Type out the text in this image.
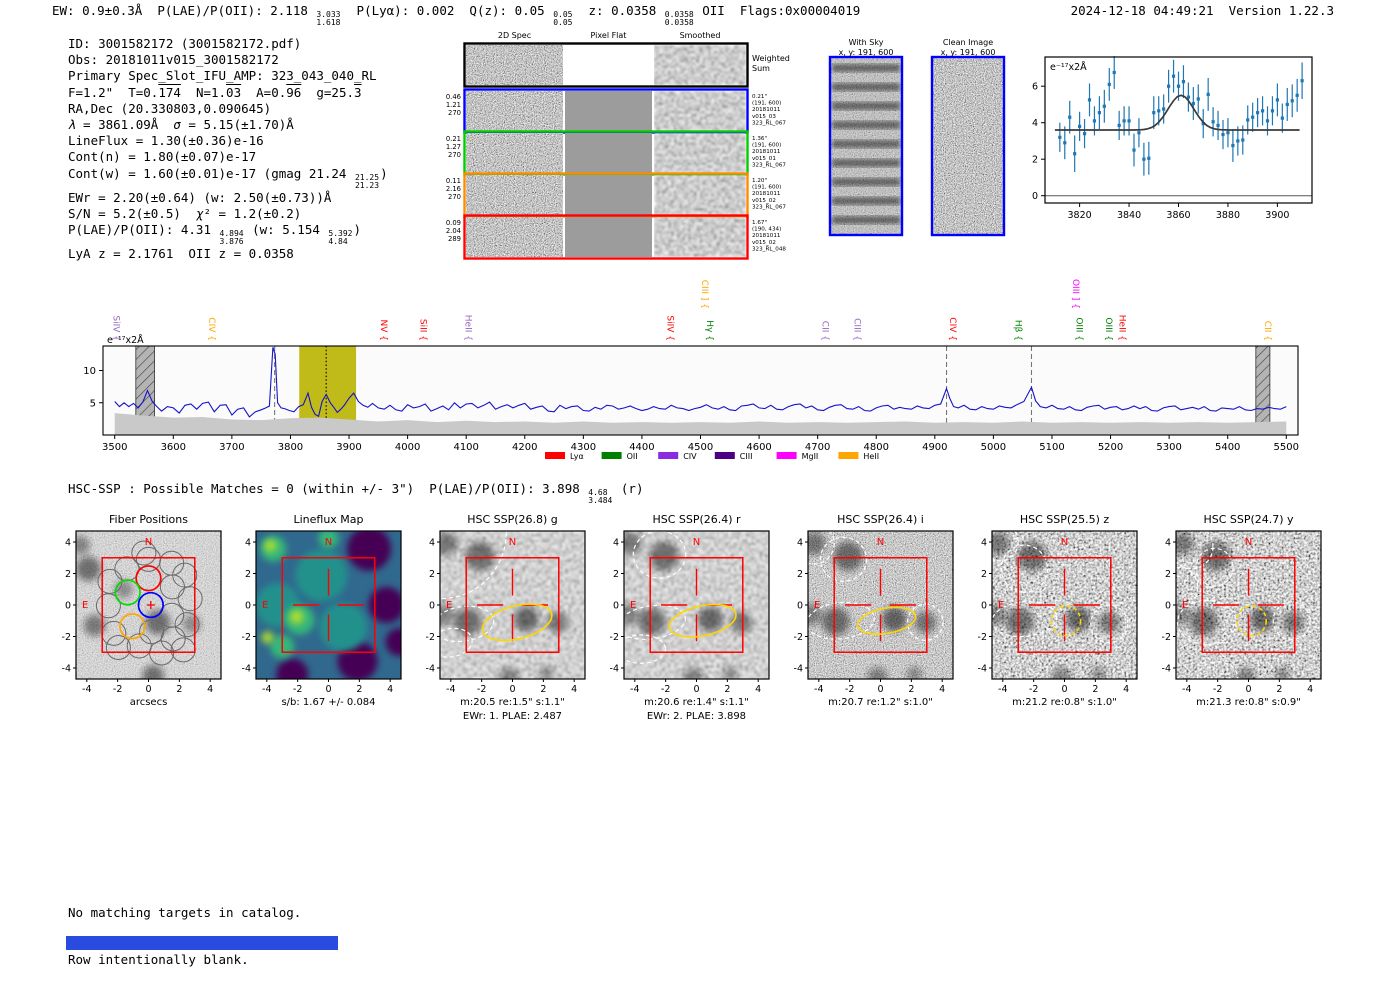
Weighted
Sum
0.46
1.21
270
0.21"
(191, 600)
20181011
v015_03
323_RL_067
0.21
1.27
270
1.36"
(191, 600)
20181011
v015_01
323_RL_067
0.11
2.16
270
1.20"
(191, 600)
20181011
v015_02
323_RL_067
0.09
2.04
289
1.67"
(190, 434)
20181011
v015_02
323_RL_048
3820	3840	3860	3880	3900
0
2
4
6
e⁻¹⁷x2Å
3500	3600	3700	3800	3900	4000	4100	4200	4300	4400	4500	4600	4700	4800	4900	5000	5100	5200	5300	5400	5500
5
10
e⁻¹⁷x2Å
SiIV {	CIV {	NV {	SiII {	HeII {	SiIV {
CIII ] {
Hγ {	CII { CIII {	CIV {	Hβ {
OIII ] {
OIII { OIII { HeII {	CII {
Lyα	OII	CIV	CIII	MgII	HeII
N
E
-4
-4
-2
-2
0
0
2
2
4
4
Fiber Positions
arcsecs
N
E
-4
-4
-2
-2
0
0
2
2
4
4
Lineflux Map
s/b: 1.67 +/- 0.084
N
E
-4
-4
-2
-2
0
0
2
2
4
4
HSC SSP(26.8) g
m:20.5 re:1.5" s:1.1"
EWr: 1. PLAE: 2.487
N
E
-4
-4
-2
-2
0
0
2
2
4
4
HSC SSP(26.4) r
m:20.6 re:1.4" s:1.1"
EWr: 2. PLAE: 3.898
N
E
-4
-4
-2
-2
0
0
2
2
4
4
HSC SSP(26.4) i
m:20.7 re:1.2" s:1.0"
N
E
-4
-4
-2
-2
0
0
2
2
4
4
HSC SSP(25.5) z
m:21.2 re:0.8" s:1.0"
N
E
-4
-4
-2
-2
0
0
2
2
4
4
HSC SSP(24.7) y
m:21.3 re:0.8" s:0.9"
EW: 0.9±0.3Å  P(LAE)/P(OII): 2.118 3.033
1.618
P(Lyα): 0.002  Q(z): 0.05 0.05
0.05
z: 0.0358 0.0358
0.0358
OII  Flags:0x00004019	2024-12-18 04:49:21 Version 1.22.3
ID: 3001582172 (3001582172.pdf)
Obs: 20181011v015_3001582172
Primary Spec_Slot_IFU_AMP: 323_043_040_RL
F=1.2"  T=0.174  N=1.03  A=0.96  g=25.3
RA,Dec (20.330803,0.090645)
λ = 3861.09Å  σ = 5.15(±1.70)Å
LineFlux = 1.30(±0.36)e-16
Cont(n) = 1.80(±0.07)e-17
Cont(w) = 1.60(±0.01)e-17 (gmag 21.24 21.25
21.23
)
EWr = 2.20(±0.64) (w: 2.50(±0.73))Å
S/N = 5.2(±0.5)  χ² = 1.2(±0.2)
P(LAE)/P(OII): 4.31 4.894
3.876
(w: 5.154 5.392
4.84
)
LyA z = 2.1761  OII z = 0.0358
2D Spec	Pixel Flat	Smoothed
With Sky
x, y: 191, 600
Clean Image
x, y: 191, 600
HSC-SSP : Possible Matches = 0 (within +/- 3")  P(LAE)/P(OII): 3.898 4.68
3.484
(r)

No matching targets in catalog.

Row intentionally blank.
